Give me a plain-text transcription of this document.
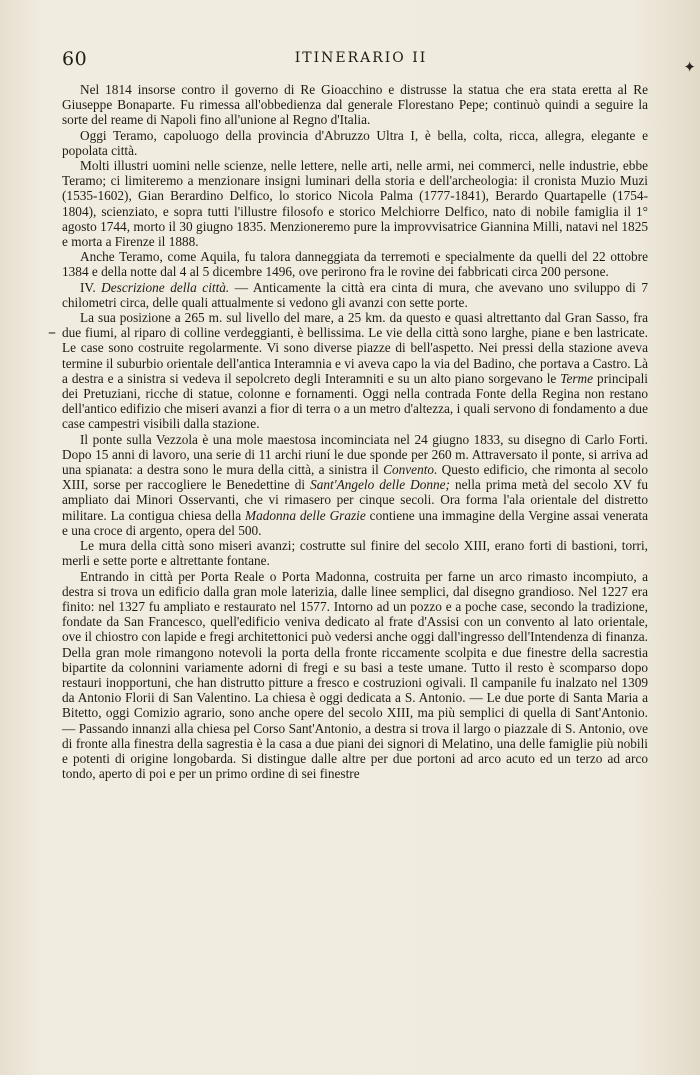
60	ITINERARIO II	✦
–

Nel 1814 insorse contro il governo di Re Gioacchino e distrusse la statua che era stata eretta al Re Giuseppe Bonaparte. Fu rimessa all'obbedienza dal generale Florestano Pepe; continuò quindi a seguire la sorte del reame di Napoli fino all'unione al Regno d'Italia.

Oggi Teramo, capoluogo della provincia d'Abruzzo Ultra I, è bella, colta, ricca, allegra, elegante e popolata città.

Molti illustri uomini nelle scienze, nelle lettere, nelle arti, nelle armi, nei commerci, nelle industrie, ebbe Teramo; ci limiteremo a menzionare insigni luminari della storia e dell'archeologia: il cronista Muzio Muzi (1535-1602), Gian Berardino Delfico, lo storico Nicola Palma (1777-1841), Berardo Quartapelle (1754-1804), scienziato, e sopra tutti l'illustre filosofo e storico Melchiorre Delfico, nato di nobile famiglia il 1° agosto 1744, morto il 30 giugno 1835. Menzioneremo pure la improvvisatrice Giannina Milli, natavi nel 1825 e morta a Firenze il 1888.

Anche Teramo, come Aquila, fu talora danneggiata da terremoti e specialmente da quelli del 22 ottobre 1384 e della notte dal 4 al 5 dicembre 1496, ove perirono fra le rovine dei fabbricati circa 200 persone.

IV. Descrizione della città. — Anticamente la città era cinta di mura, che avevano uno sviluppo di 7 chilometri circa, delle quali attualmente si vedono gli avanzi con sette porte.

La sua posizione a 265 m. sul livello del mare, a 25 km. da questo e quasi altrettanto dal Gran Sasso, fra due fiumi, al riparo di colline verdeggianti, è bellissima. Le vie della città sono larghe, piane e ben lastricate. Le case sono costruite regolarmente. Vi sono diverse piazze di bell'aspetto. Nei pressi della stazione aveva termine il suburbio orientale dell'antica Interamnia e vi aveva capo la via del Badino, che portava a Castro. Là a destra e a sinistra si vedeva il sepolcreto degli Interamniti e su un alto piano sorgevano le Terme principali dei Pretuziani, ricche di statue, colonne e fornamenti. Oggi nella contrada Fonte della Regina non restano dell'antico edifizio che miseri avanzi a fior di terra o a un metro d'altezza, i quali servono di fondamento a due case campestri visibili dalla stazione.

Il ponte sulla Vezzola è una mole maestosa incominciata nel 24 giugno 1833, su disegno di Carlo Forti. Dopo 15 anni di lavoro, una serie di 11 archi riuní le due sponde per 260 m. Attraversato il ponte, si arriva ad una spianata: a destra sono le mura della città, a sinistra il Convento. Questo edificio, che rimonta al secolo XIII, sorse per raccogliere le Benedettine di Sant'Angelo delle Donne; nella prima metà del secolo XV fu ampliato dai Minori Osservanti, che vi rimasero per cinque secoli. Ora forma l'ala orientale del distretto militare. La contigua chiesa della Madonna delle Grazie contiene una immagine della Vergine assai venerata e una croce di argento, opera del 500.

Le mura della città sono miseri avanzi; costrutte sul finire del secolo XIII, erano forti di bastioni, torri, merli e sette porte e altrettante fontane.

Entrando in città per Porta Reale o Porta Madonna, costruita per farne un arco rimasto incompiuto, a destra si trova un edificio dalla gran mole laterizia, dalle linee semplici, dal disegno grandioso. Nel 1227 era finito: nel 1327 fu ampliato e restaurato nel 1577. Intorno ad un pozzo e a poche case, secondo la tradizione, fondate da San Francesco, quell'edificio veniva dedicato al frate d'Assisi con un convento al lato orientale, ove il chiostro con lapide e fregi architettonici può vedersi anche oggi dall'ingresso dell'Intendenza di finanza. Della gran mole rimangono notevoli la porta della fronte riccamente scolpita e due finestre della sacrestia bipartite da colonnini variamente adorni di fregi e su basi a teste umane. Tutto il resto è scomparso dopo restauri inopportuni, che han distrutto pitture a fresco e costruzioni ogivali. Il campanile fu inalzato nel 1309 da Antonio Florii di San Valentino. La chiesa è oggi dedicata a S. Antonio. — Le due porte di Santa Maria a Bitetto, oggi Comizio agrario, sono anche opere del secolo XIII, ma più semplici di quella di Sant'Antonio. — Passando innanzi alla chiesa pel Corso Sant'Antonio, a destra si trova il largo o piazzale di S. Antonio, ove di fronte alla finestra della sagrestia è la casa a due piani dei signori di Melatino, una delle famiglie più nobili e potenti di origine longobarda. Si distingue dalle altre per due portoni ad arco acuto ed un terzo ad arco tondo, aperto di poi e per un primo ordine di sei finestre
